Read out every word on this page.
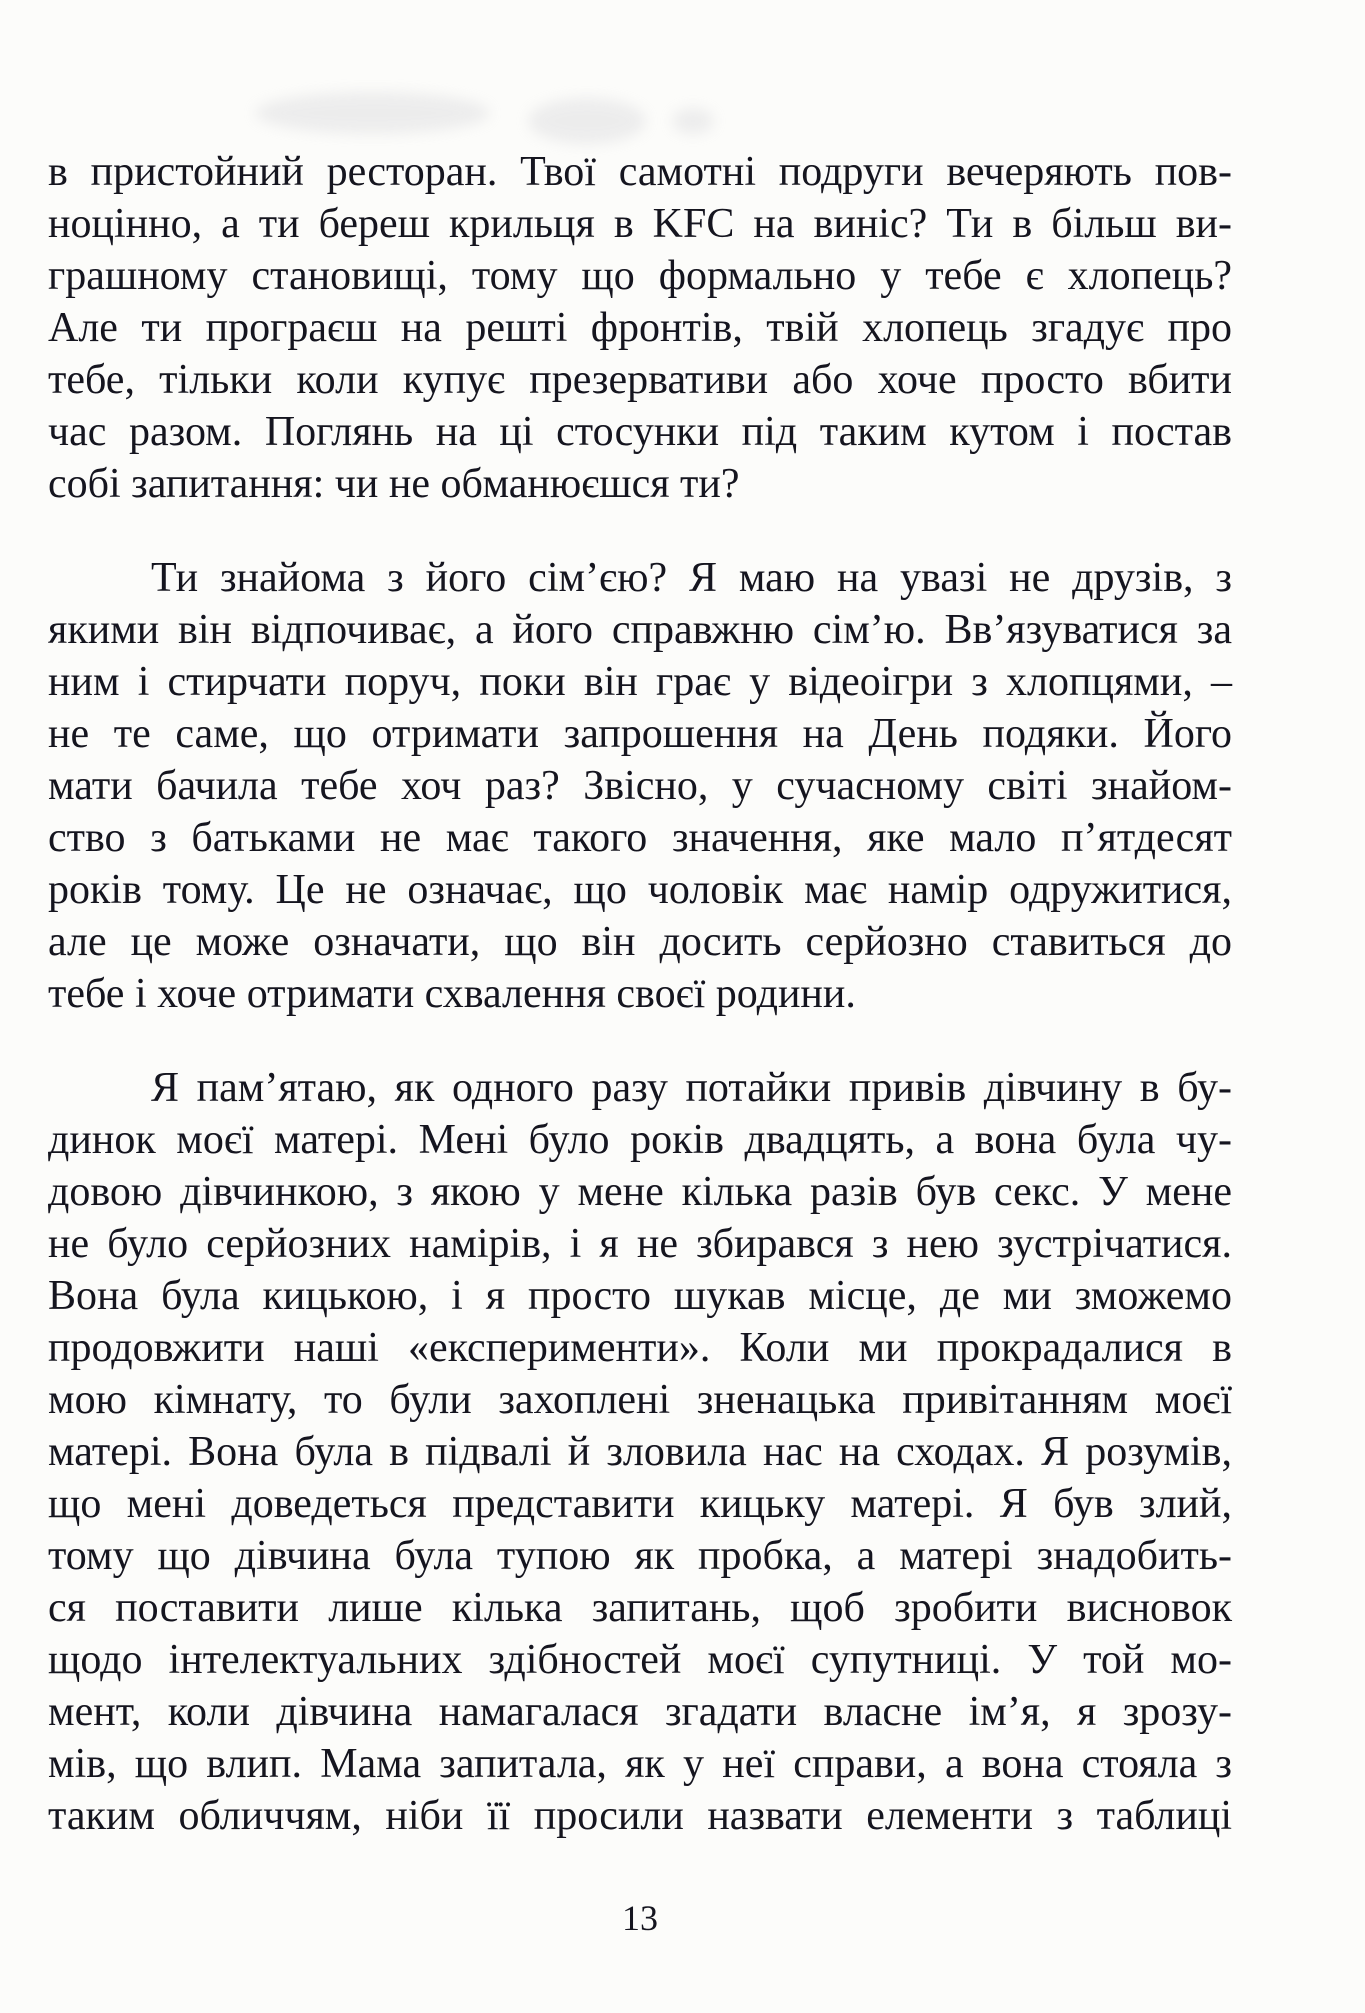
в пристойний ресторан. Твої самотні подруги вечеряють пов-
ноцінно, а ти береш крильця в KFC на виніс? Ти в більш ви-
грашному становищі, тому що формально у тебе є хлопець?
Але ти програєш на решті фронтів, твій хлопець згадує про
тебе, тільки коли купує презервативи або хоче просто вбити
час разом. Поглянь на ці стосунки під таким кутом і постав
собі запитання: чи не обманюєшся ти?

Ти знайома з його сім’єю? Я маю на увазі не друзів, з
якими він відпочиває, а його справжню сім’ю. Вв’язуватися за
ним і стирчати поруч, поки він грає у відеоігри з хлопцями, –
не те саме, що отримати запрошення на День подяки. Його
мати бачила тебе хоч раз? Звісно, у сучасному світі знайом-
ство з батьками не має такого значення, яке мало п’ятдесят
років тому. Це не означає, що чоловік має намір одружитися,
але це може означати, що він досить серйозно ставиться до
тебе і хоче отримати схвалення своєї родини.

Я пам’ятаю, як одного разу потайки привів дівчину в бу-
динок моєї матері. Мені було років двадцять, а вона була чу-
довою дівчинкою, з якою у мене кілька разів був секс. У мене
не було серйозних намірів, і я не збирався з нею зустрічатися.
Вона була кицькою, і я просто шукав місце, де ми зможемо
продовжити наші «експерименти». Коли ми прокрадалися в
мою кімнату, то були захоплені зненацька привітанням моєї
матері. Вона була в підвалі й зловила нас на сходах. Я розумів,
що мені доведеться представити кицьку матері. Я був злий,
тому що дівчина була тупою як пробка, а матері знадобить-
ся поставити лише кілька запитань, щоб зробити висновок
щодо інтелектуальних здібностей моєї супутниці. У той мо-
мент, коли дівчина намагалася згадати власне ім’я, я зрозу-
мів, що влип. Мама запитала, як у неї справи, а вона стояла з
таким обличчям, ніби її просили назвати елементи з таблиці

13
